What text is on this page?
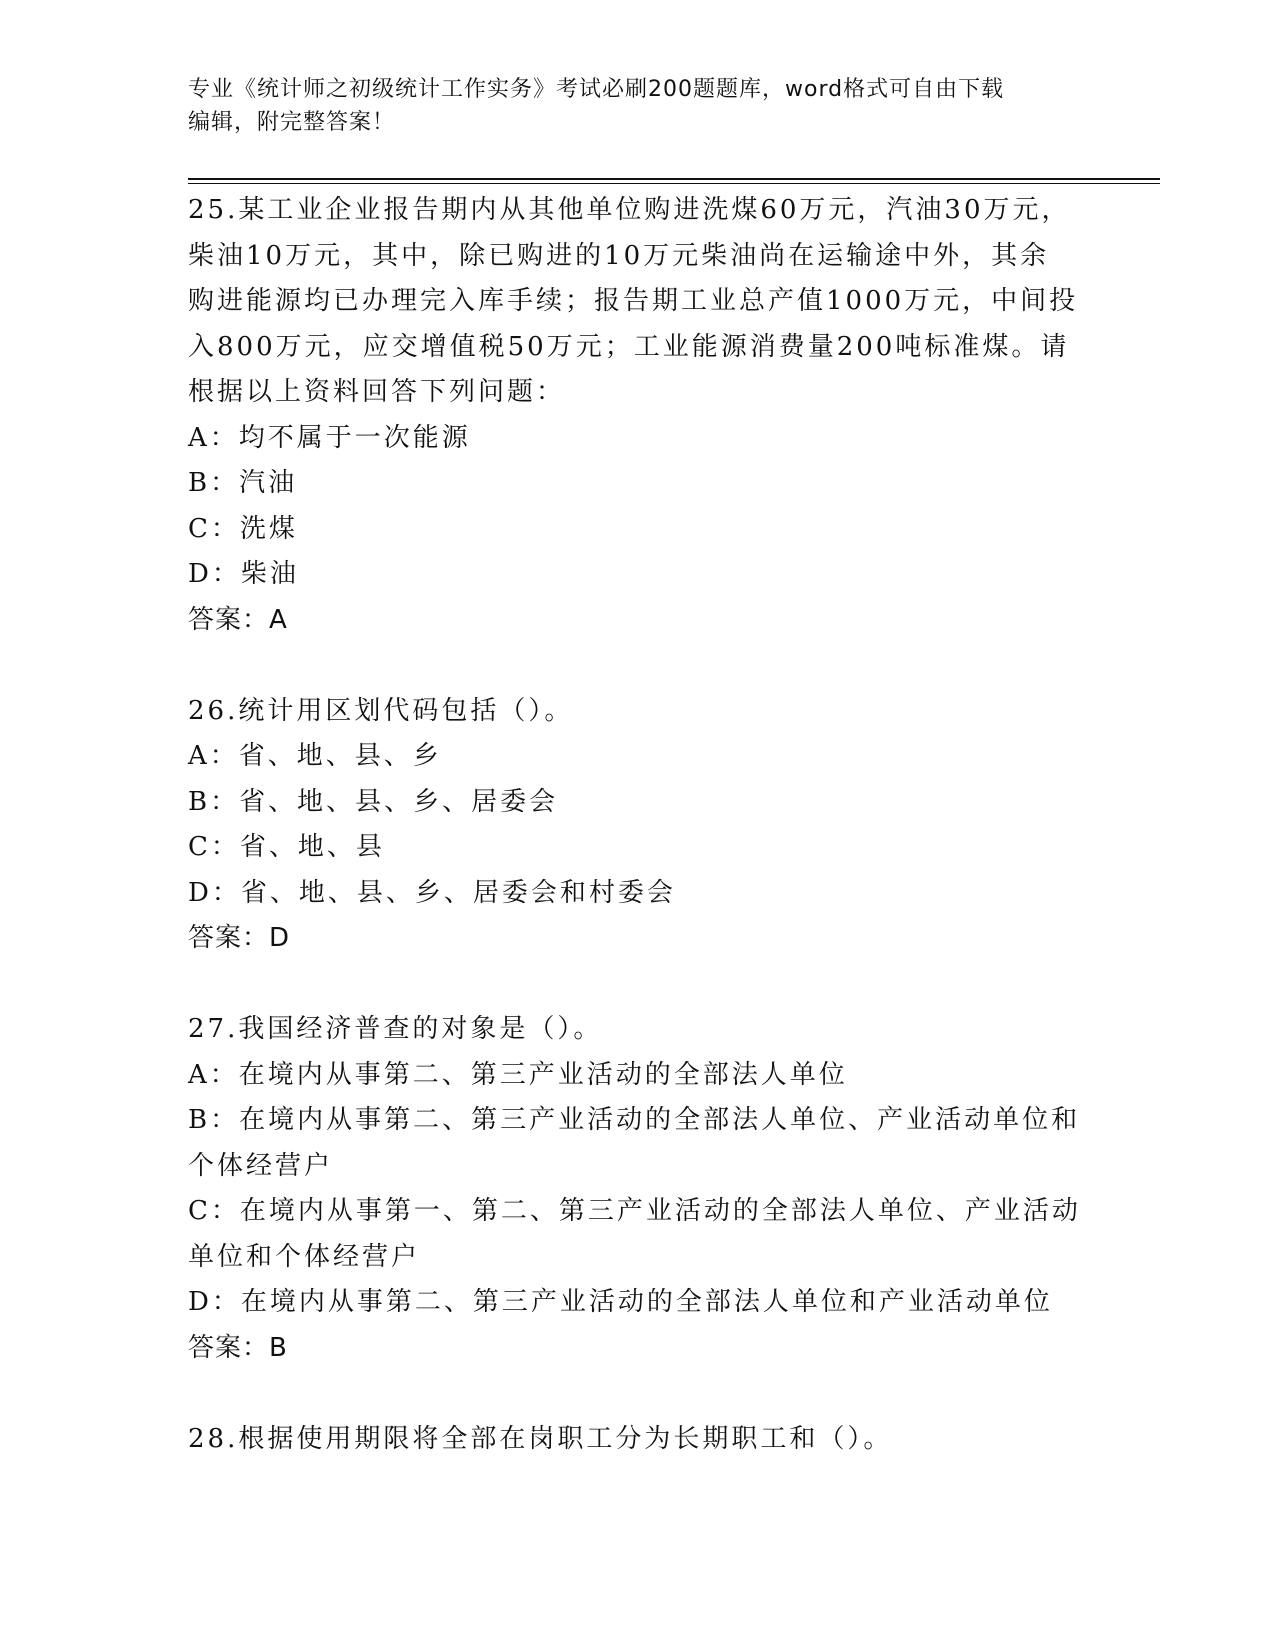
专业《统计师之初级统计工作实务》考试必刷200题题库，word格式可自由下载
编辑，附完整答案！
25.某工业企业报告期内从其他单位购进洗煤60万元，汽油30万元，
柴油10万元，其中，除已购进的10万元柴油尚在运输途中外，其余
购进能源均已办理完入库手续；报告期工业总产值1000万元，中间投
入800万元，应交增值税50万元；工业能源消费量200吨标准煤。请
根据以上资料回答下列问题：
A：均不属于一次能源
B：汽油
C：洗煤
D：柴油
答案：A
26.统计用区划代码包括（）。
A：省、地、县、乡
B：省、地、县、乡、居委会
C：省、地、县
D：省、地、县、乡、居委会和村委会
答案：D
27.我国经济普查的对象是（）。
A：在境内从事第二、第三产业活动的全部法人单位
B：在境内从事第二、第三产业活动的全部法人单位、产业活动单位和
个体经营户
C：在境内从事第一、第二、第三产业活动的全部法人单位、产业活动
单位和个体经营户
D：在境内从事第二、第三产业活动的全部法人单位和产业活动单位
答案：B
28.根据使用期限将全部在岗职工分为长期职工和（）。
